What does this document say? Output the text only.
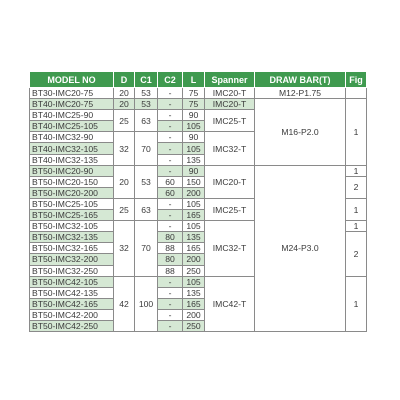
MODEL NO	D	C1	C2	L	Spanner	DRAW BAR(T)	Fig
BT30-IMC20-75	20	53	-	75	IMC20-T	M12-P1.75	
BT40-IMC20-75	20	53	-	75	IMC20-T	M16-P2.0	1
BT40-IMC25-90	25	63	-	90	IMC25-T		
BT40-IMC25-105			-	105			
BT40-IMC32-90	32	70	-	90	IMC32-T		
BT40-IMC32-105			-	105			
BT40-IMC32-135			-	135			
BT50-IMC20-90	20	53	-	90	IMC20-T	M24-P3.0	1
BT50-IMC20-150			60	150			2
BT50-IMC20-200			60	200			
BT50-IMC25-105	25	63	-	105	IMC25-T		1
BT50-IMC25-165			-	165			
BT50-IMC32-105	32	70	-	105	IMC32-T		1
BT50-IMC32-135			80	135			2
BT50-IMC32-165			88	165			
BT50-IMC32-200			80	200			
BT50-IMC32-250			88	250			
BT50-IMC42-105	42	100	-	105	IMC42-T		1
BT50-IMC42-135			-	135			
BT50-IMC42-165			-	165			
BT50-IMC42-200			-	200			
BT50-IMC42-250			-	250			
